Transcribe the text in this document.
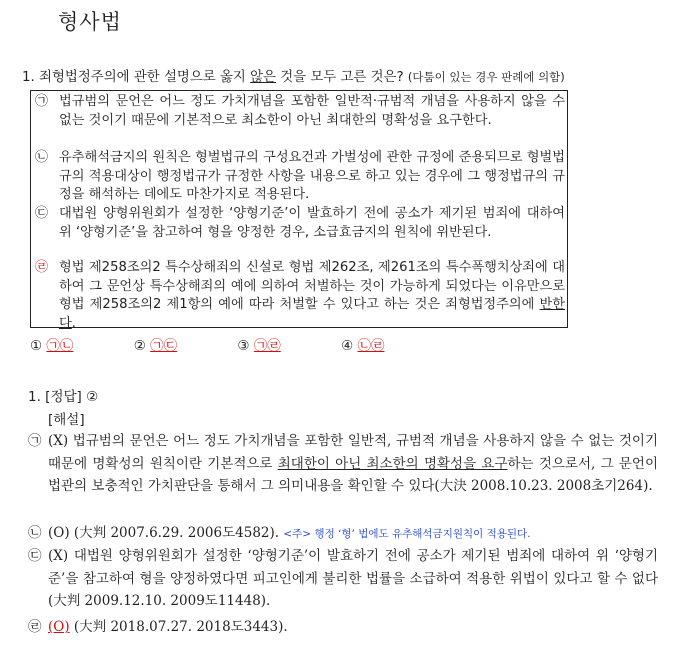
형사법
1. 죄형법정주의에 관한 설명으로 옳지 않은 것을 모두 고른 것은? (다툼이 있는 경우 판례에 의함)
㉠ 법규범의 문언은 어느 정도 가치개념을 포함한 일반적·규범적 개념을 사용하지 않을 수 없는 것이기 때문에 기본적으로 최소한이 아닌 최대한의 명확성을 요구한다.
㉡ 유추해석금지의 원칙은 형벌법규의 구성요건과 가벌성에 관한 규정에 준용되므로 형벌법규의 적용대상이 행정법규가 규정한 사항을 내용으로 하고 있는 경우에 그 행정법규의 규정을 해석하는 데에도 마찬가지로 적용된다.
㉢ 대법원 양형위원회가 설정한 ‘양형기준’이 발효하기 전에 공소가 제기된 범죄에 대하여 위 ‘양형기준’을 참고하여 형을 양정한 경우, 소급효금지의 원칙에 위반된다.
㉣ 형법 제258조의2 특수상해죄의 신설로 형법 제262조, 제261조의 특수폭행치상죄에 대하여 그 문언상 특수상해죄의 예에 의하여 처벌하는 것이 가능하게 되었다는 이유만으로 형법 제258조의2 제1항의 예에 따라 처벌할 수 있다고 하는 것은 죄형법정주의에 반한다.
① ㉠㉡	② ㉠㉢	③ ㉠㉣	④ ㉡㉣
1. [정답] ②
[해설]
㉠ (X) 법규범의 문언은 어느 정도 가치개념을 포함한 일반적, 규범적 개념을 사용하지 않을 수 없는 것이기 때문에 명확성의 원칙이란 기본적으로 최대한이 아닌 최소한의 명확성을 요구하는 것으로서, 그 문언이 법관의 보충적인 가치판단을 통해서 그 의미내용을 확인할 수 있다(大決 2008.10.23. 2008초기264).
㉡ (O) (大判 2007.6.29. 2006도4582). <주> 행정 ‘형’ 법에도 유추해석금지원칙이 적용된다.
㉢ (X) 대법원 양형위원회가 설정한 ‘양형기준’이 발효하기 전에 공소가 제기된 범죄에 대하여 위 ‘양형기준’을 참고하여 형을 양정하였다면 피고인에게 불리한 법률을 소급하여 적용한 위법이 있다고 할 수 없다(大判 2009.12.10. 2009도11448).
㉣ (O) (大判 2018.07.27. 2018도3443).
